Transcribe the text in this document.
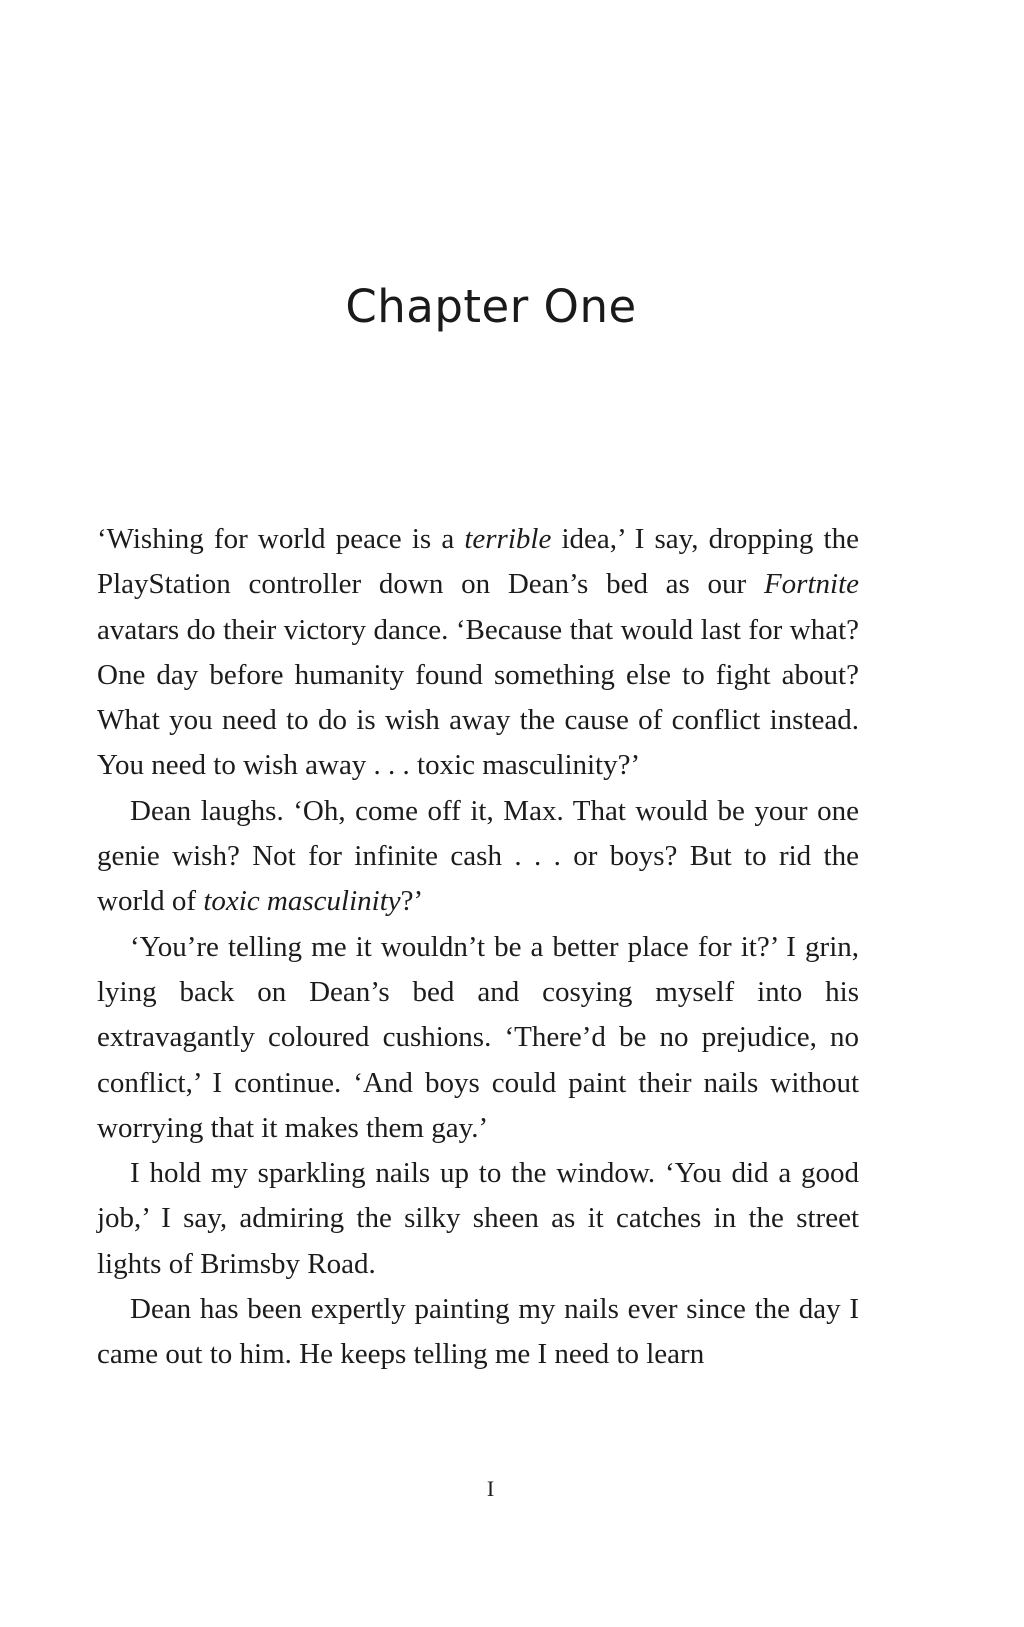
Chapter One

‘Wishing for world peace is a terrible idea,’ I say, dropping the PlayStation controller down on Dean’s bed as our Fortnite avatars do their victory dance. ‘Because that would last for what? One day before humanity found something else to fight about? What you need to do is wish away the cause of conflict instead. You need to wish away . . . toxic masculinity?’

Dean laughs. ‘Oh, come off it, Max. That would be your one genie wish? Not for infinite cash . . . or boys? But to rid the world of toxic masculinity?’

‘You’re telling me it wouldn’t be a better place for it?’ I grin, lying back on Dean’s bed and cosying myself into his extravagantly coloured cushions. ‘There’d be no prejudice, no conflict,’ I continue. ‘And boys could paint their nails without worrying that it makes them gay.’

I hold my sparkling nails up to the window. ‘You did a good job,’ I say, admiring the silky sheen as it catches in the street lights of Brimsby Road.

Dean has been expertly painting my nails ever since the day I came out to him. He keeps telling me I need to learn

I
